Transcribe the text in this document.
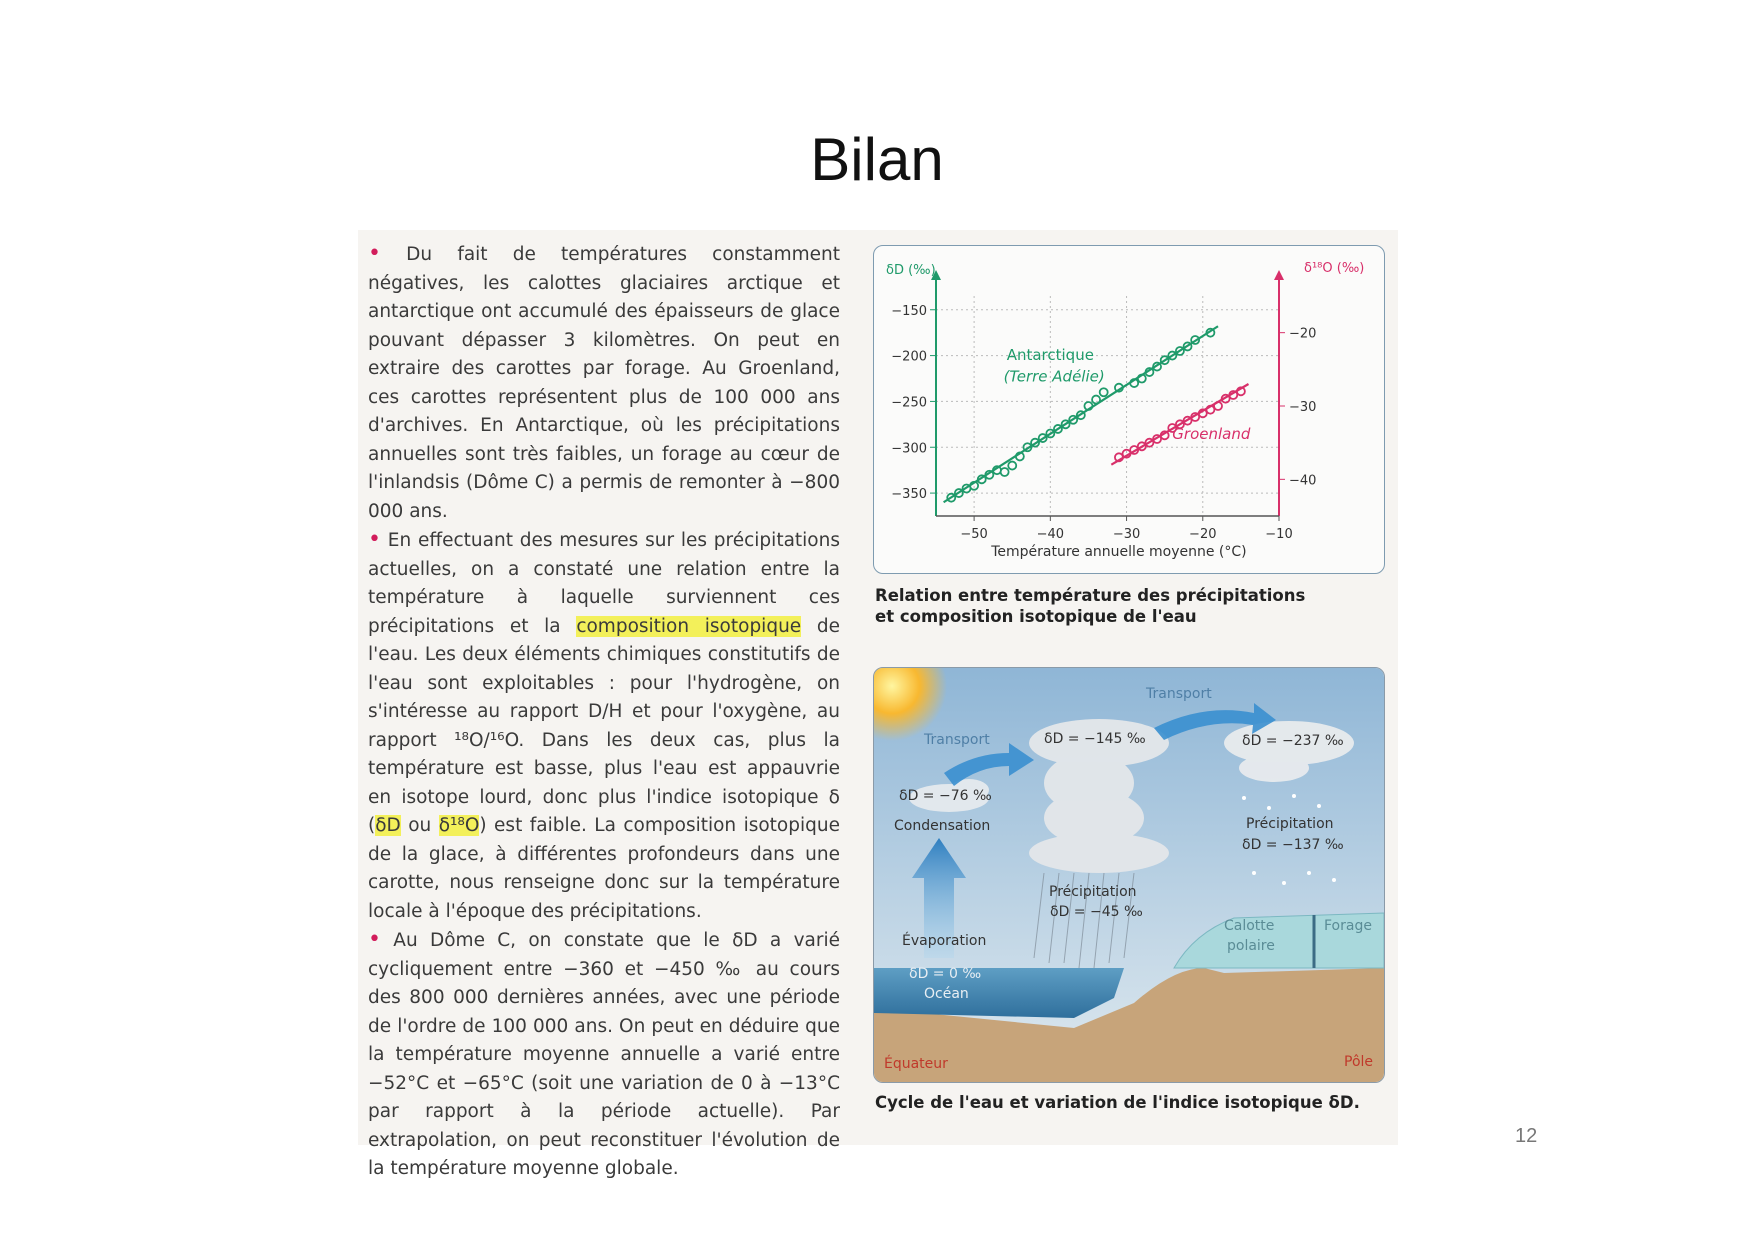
Bilan

• Du fait de températures constamment négatives, les calottes glaciaires arctique et antarctique ont accumulé des épaisseurs de glace pouvant dépasser 3 kilomètres. On peut en extraire des carottes par forage. Au Groenland, ces carottes représentent plus de 100 000 ans d'archives. En Antarctique, où les précipitations annuelles sont très faibles, un forage au cœur de l'inlandsis (Dôme C) a permis de remonter à −800 000 ans.

• En effectuant des mesures sur les précipitations actuelles, on a constaté une relation entre la température à laquelle surviennent ces précipitations et la composition isotopique de l'eau. Les deux éléments chimiques constitutifs de l'eau sont exploitables : pour l'hydrogène, on s'intéresse au rapport D/H et pour l'oxygène, au rapport ¹⁸O/¹⁶O. Dans les deux cas, plus la température est basse, plus l'eau est appauvrie en isotope lourd, donc plus l'indice isotopique δ (δD ou δ¹⁸O) est faible. La composition isotopique de la glace, à différentes profondeurs dans une carotte, nous renseigne donc sur la température locale à l'époque des précipitations.

• Au Dôme C, on constate que le δD a varié cycliquement entre −360 et −450 ‰ au cours des 800 000 dernières années, avec une période de l'ordre de 100 000 ans. On peut en déduire que la température moyenne annuelle a varié entre −52°C et −65°C (soit une variation de 0 à −13°C par rapport à la période actuelle). Par extrapolation, on peut reconstituer l'évolution de la température moyenne globale.

δD (‰)	δ¹⁸O (‰)
Température annuelle moyenne (°C)
−50	−40	−30	−20	−10
−150
−200
−250
−300
−350
−20
−30
−40
Antarctique
(Terre Adélie)
Groenland
Relation entre température des précipitations
et composition isotopique de l'eau
Transport
Transport	δD = −145 ‰	δD = −237 ‰
δD = −76 ‰
Condensation	Précipitation
δD = −137 ‰
Précipitation
δD = −45 ‰
Évaporation
δD = 0 ‰
Océan
Calotte
polaire
Forage
Équateur	Pôle
Cycle de l'eau et variation de l'indice isotopique δD.
12
